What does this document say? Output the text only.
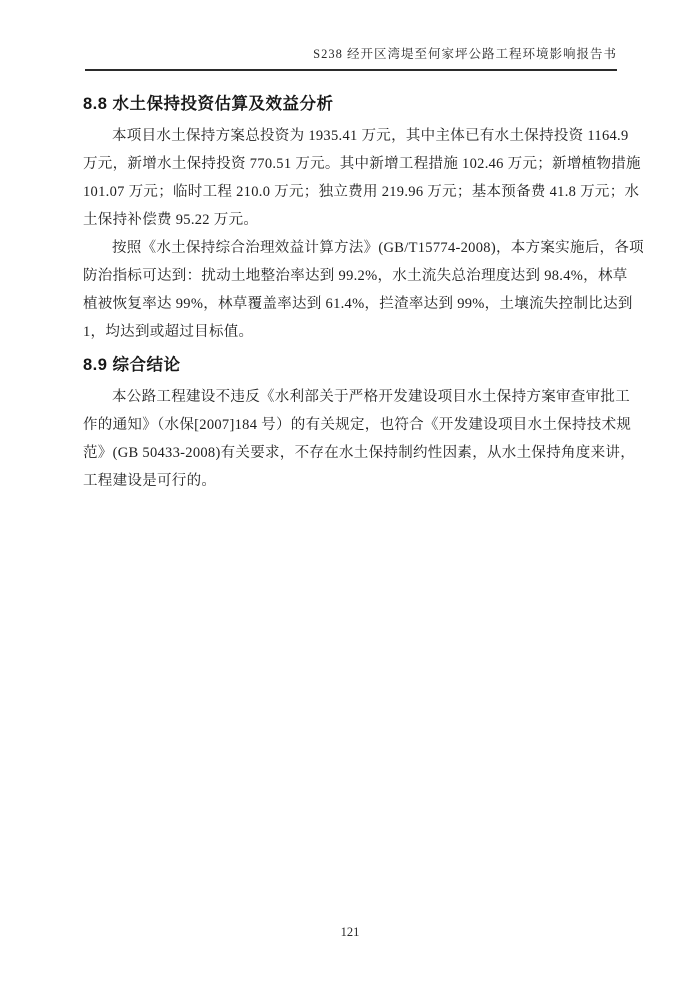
S238 经开区湾堤至何家坪公路工程环境影响报告书
8.8 水土保持投资估算及效益分析
本项目水土保持方案总投资为 1935.41 万元，其中主体已有水土保持投资 1164.9
万元，新增水土保持投资 770.51 万元。其中新增工程措施 102.46 万元；新增植物措施
101.07 万元；临时工程 210.0 万元；独立费用 219.96 万元；基本预备费 41.8 万元；水
土保持补偿费 95.22 万元。
按照《水土保持综合治理效益计算方法》(GB/T15774-2008)，本方案实施后，各项
防治指标可达到：扰动土地整治率达到 99.2%，水土流失总治理度达到 98.4%，林草
植被恢复率达 99%，林草覆盖率达到 61.4%，拦渣率达到 99%，土壤流失控制比达到
1，均达到或超过目标值。
8.9 综合结论
本公路工程建设不违反《水利部关于严格开发建设项目水土保持方案审查审批工
作的通知》（水保[2007]184 号）的有关规定，也符合《开发建设项目水土保持技术规
范》(GB 50433-2008)有关要求，不存在水土保持制约性因素，从水土保持角度来讲，
工程建设是可行的。
121
